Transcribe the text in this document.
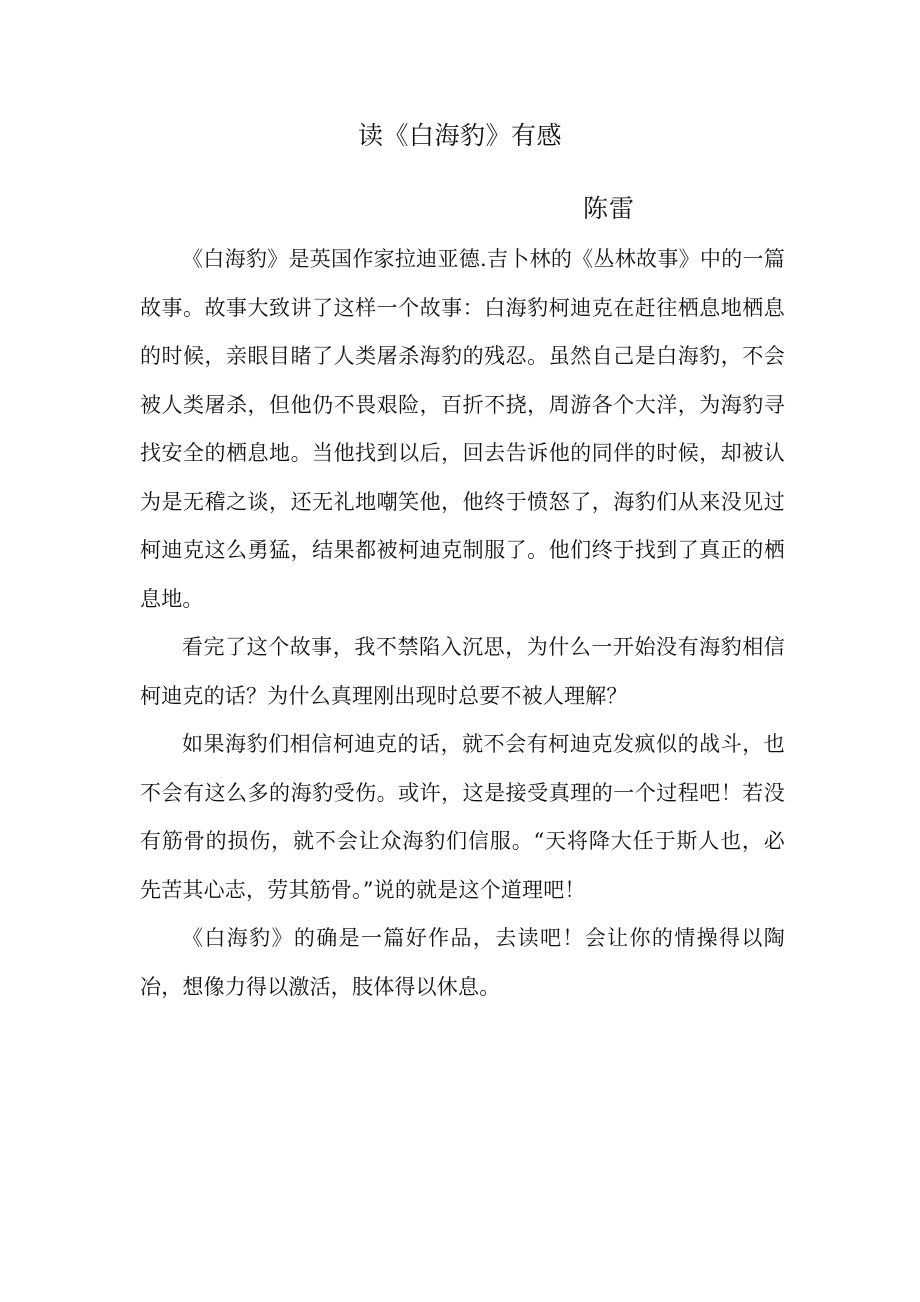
读《白海豹》有感
陈雷

《白海豹》是英国作家拉迪亚德.吉卜林的《丛林故事》中的一篇故事。故事大致讲了这样一个故事：白海豹柯迪克在赶往栖息地栖息的时候，亲眼目睹了人类屠杀海豹的残忍。虽然自己是白海豹，不会被人类屠杀，但他仍不畏艰险，百折不挠，周游各个大洋，为海豹寻找安全的栖息地。当他找到以后，回去告诉他的同伴的时候，却被认为是无稽之谈，还无礼地嘲笑他，他终于愤怒了，海豹们从来没见过柯迪克这么勇猛，结果都被柯迪克制服了。他们终于找到了真正的栖息地。

看完了这个故事，我不禁陷入沉思，为什么一开始没有海豹相信柯迪克的话？为什么真理刚出现时总要不被人理解？

如果海豹们相信柯迪克的话，就不会有柯迪克发疯似的战斗，也不会有这么多的海豹受伤。或许，这是接受真理的一个过程吧！若没有筋骨的损伤，就不会让众海豹们信服。“天将降大任于斯人也，必先苦其心志，劳其筋骨。”说的就是这个道理吧！

《白海豹》的确是一篇好作品，去读吧！会让你的情操得以陶冶，想像力得以激活，肢体得以休息。
